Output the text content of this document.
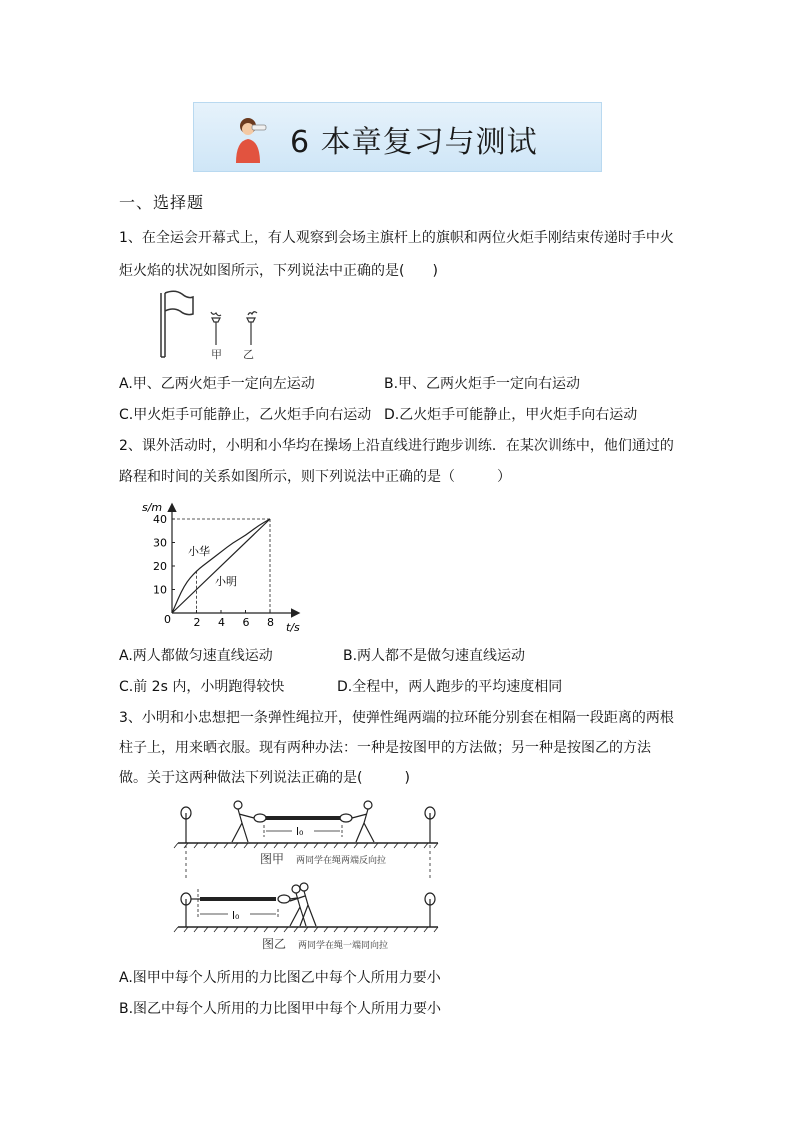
6 本章复习与测试
一、选择题
1、在全运会开幕式上，有人观察到会场主旗杆上的旗帜和两位火炬手刚结束传递时手中火
炬火焰的状况如图所示，下列说法中正确的是(　　)
甲 乙
A.甲、乙两火炬手一定向左运动	B.甲、乙两火炬手一定向右运动
C.甲火炬手可能静止，乙火炬手向右运动 D.乙火炬手可能静止，甲火炬手向右运动
2、课外活动时，小明和小华均在操场上沿直线进行跑步训练．在某次训练中，他们通过的
路程和时间的关系如图所示，则下列说法中正确的是（　　　）
2 4 6 8
10
20
30
40
s/m
t/s
0
小华
小明
A.两人都做匀速直线运动	B.两人都不是做匀速直线运动
C.前 2s 内，小明跑得较快	D.全程中，两人跑步的平均速度相同
3、小明和小忠想把一条弹性绳拉开，使弹性绳两端的拉环能分别套在相隔一段距离的两根
柱子上，用来晒衣服。现有两种办法：一种是按图甲的方法做；另一种是按图乙的方法
做。关于这两种做法下列说法正确的是(　　　)
l₀
图甲 两同学在绳两端反向拉
l₀
图乙 两同学在绳一端同向拉
A.图甲中每个人所用的力比图乙中每个人所用力要小
B.图乙中每个人所用的力比图甲中每个人所用力要小
